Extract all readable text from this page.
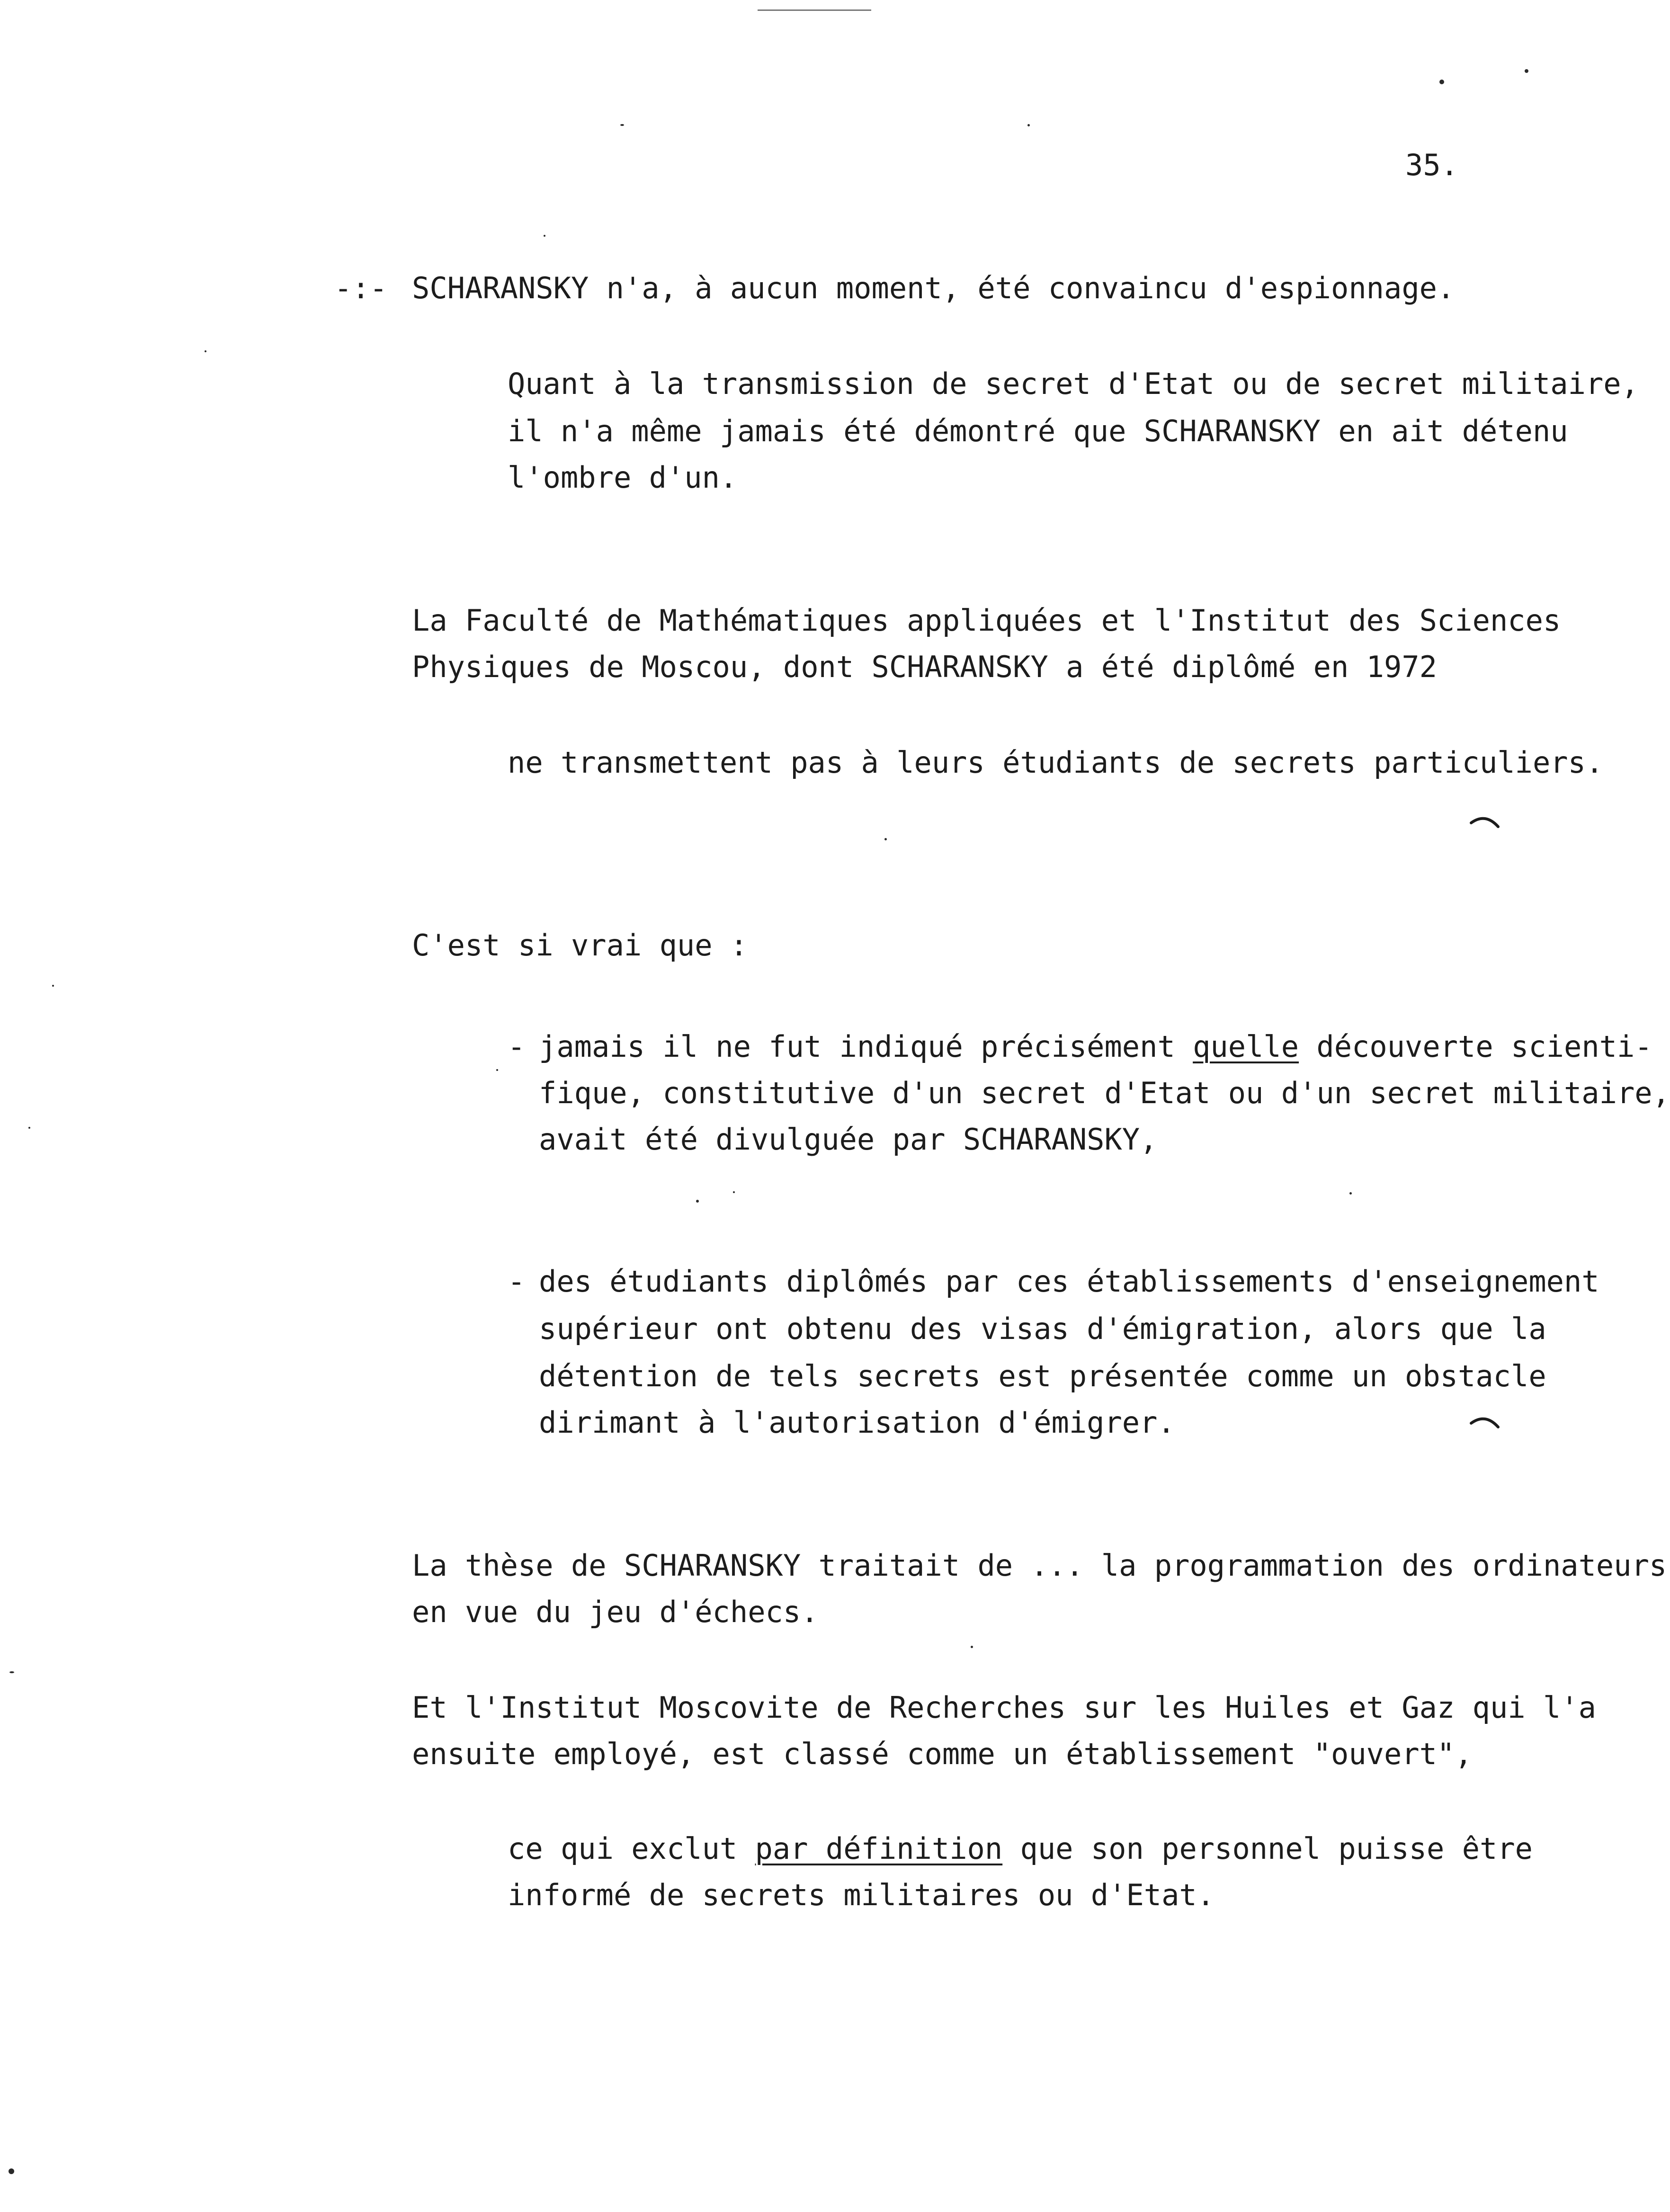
35.
-:- SCHARANSKY n'a, à aucun moment, été convaincu d'espionnage.
Quant à la transmission de secret d'Etat ou de secret militaire,
il n'a même jamais été démontré que SCHARANSKY en ait détenu
l'ombre d'un.
La Faculté de Mathématiques appliquées et l'Institut des Sciences
Physiques de Moscou, dont SCHARANSKY a été diplômé en 1972
ne transmettent pas à leurs étudiants de secrets particuliers.
C'est si vrai que :
- jamais il ne fut indiqué précisément quelle découverte scienti-
fique, constitutive d'un secret d'Etat ou d'un secret militaire,
avait été divulguée par SCHARANSKY,
- des étudiants diplômés par ces établissements d'enseignement
supérieur ont obtenu des visas d'émigration, alors que la
détention de tels secrets est présentée comme un obstacle
dirimant à l'autorisation d'émigrer.
La thèse de SCHARANSKY traitait de ... la programmation des ordinateurs
en vue du jeu d'échecs.
Et l'Institut Moscovite de Recherches sur les Huiles et Gaz qui l'a
ensuite employé, est classé comme un établissement "ouvert",
ce qui exclut par définition que son personnel puisse être
informé de secrets militaires ou d'Etat.
